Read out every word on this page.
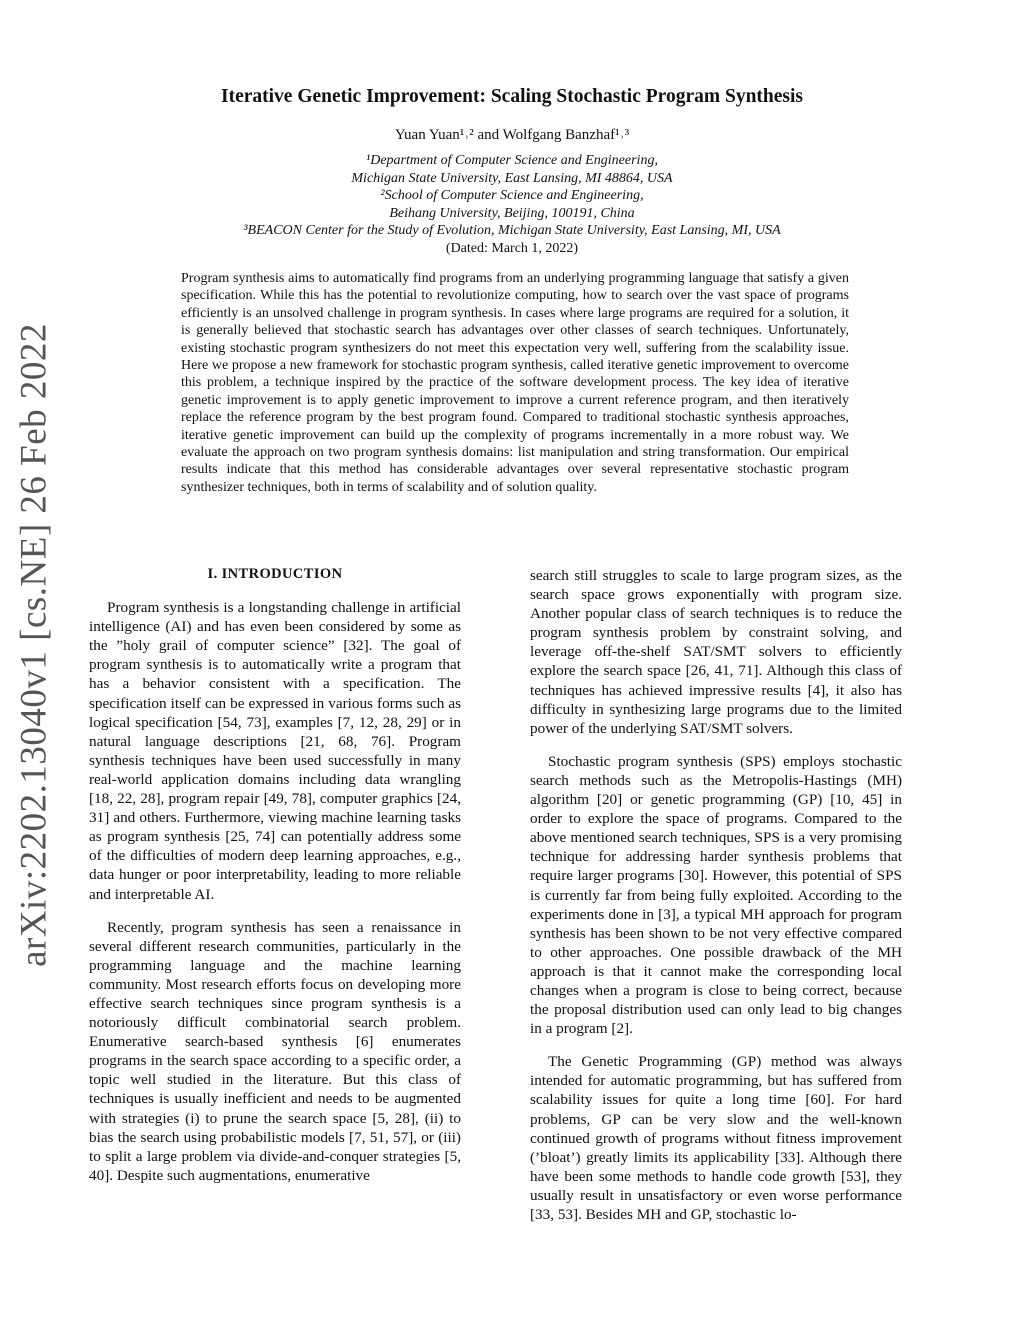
arXiv:2202.13040v1 [cs.NE] 26 Feb 2022
Iterative Genetic Improvement: Scaling Stochastic Program Synthesis
Yuan Yuan¹˒² and Wolfgang Banzhaf¹˒³
¹Department of Computer Science and Engineering,
Michigan State University, East Lansing, MI 48864, USA
²School of Computer Science and Engineering,
Beihang University, Beijing, 100191, China
³BEACON Center for the Study of Evolution, Michigan State University, East Lansing, MI, USA
(Dated: March 1, 2022)
Program synthesis aims to automatically find programs from an underlying programming language that satisfy a given specification. While this has the potential to revolutionize computing, how to search over the vast space of programs efficiently is an unsolved challenge in program synthesis. In cases where large programs are required for a solution, it is generally believed that stochastic search has advantages over other classes of search techniques. Unfortunately, existing stochastic program synthesizers do not meet this expectation very well, suffering from the scalability issue. Here we propose a new framework for stochastic program synthesis, called iterative genetic improvement to overcome this problem, a technique inspired by the practice of the software development process. The key idea of iterative genetic improvement is to apply genetic improvement to improve a current reference program, and then iteratively replace the reference program by the best program found. Compared to traditional stochastic synthesis approaches, iterative genetic improvement can build up the complexity of programs incrementally in a more robust way. We evaluate the approach on two program synthesis domains: list manipulation and string transformation. Our empirical results indicate that this method has considerable advantages over several representative stochastic program synthesizer techniques, both in terms of scalability and of solution quality.

I. INTRODUCTION

Program synthesis is a longstanding challenge in artificial intelligence (AI) and has even been considered by some as the ”holy grail of computer science” [32]. The goal of program synthesis is to automatically write a program that has a behavior consistent with a specification. The specification itself can be expressed in various forms such as logical specification [54, 73], examples [7, 12, 28, 29] or in natural language descriptions [21, 68, 76]. Program synthesis techniques have been used successfully in many real-world application domains including data wrangling [18, 22, 28], program repair [49, 78], computer graphics [24, 31] and others. Furthermore, viewing machine learning tasks as program synthesis [25, 74] can potentially address some of the difficulties of modern deep learning approaches, e.g., data hunger or poor interpretability, leading to more reliable and interpretable AI.

Recently, program synthesis has seen a renaissance in several different research communities, particularly in the programming language and the machine learning community. Most research efforts focus on developing more effective search techniques since program synthesis is a notoriously difficult combinatorial search problem. Enumerative search-based synthesis [6] enumerates programs in the search space according to a specific order, a topic well studied in the literature. But this class of techniques is usually inefficient and needs to be augmented with strategies (i) to prune the search space [5, 28], (ii) to bias the search using probabilistic models [7, 51, 57], or (iii) to split a large problem via divide-and-conquer strategies [5, 40]. Despite such augmentations, enumerative

search still struggles to scale to large program sizes, as the search space grows exponentially with program size. Another popular class of search techniques is to reduce the program synthesis problem by constraint solving, and leverage off-the-shelf SAT/SMT solvers to efficiently explore the search space [26, 41, 71]. Although this class of techniques has achieved impressive results [4], it also has difficulty in synthesizing large programs due to the limited power of the underlying SAT/SMT solvers.

Stochastic program synthesis (SPS) employs stochastic search methods such as the Metropolis-Hastings (MH) algorithm [20] or genetic programming (GP) [10, 45] in order to explore the space of programs. Compared to the above mentioned search techniques, SPS is a very promising technique for addressing harder synthesis problems that require larger programs [30]. However, this potential of SPS is currently far from being fully exploited. According to the experiments done in [3], a typical MH approach for program synthesis has been shown to be not very effective compared to other approaches. One possible drawback of the MH approach is that it cannot make the corresponding local changes when a program is close to being correct, because the proposal distribution used can only lead to big changes in a program [2].

The Genetic Programming (GP) method was always intended for automatic programming, but has suffered from scalability issues for quite a long time [60]. For hard problems, GP can be very slow and the well-known continued growth of programs without fitness improvement (’bloat’) greatly limits its applicability [33]. Although there have been some methods to handle code growth [53], they usually result in unsatisfactory or even worse performance [33, 53]. Besides MH and GP, stochastic lo-
